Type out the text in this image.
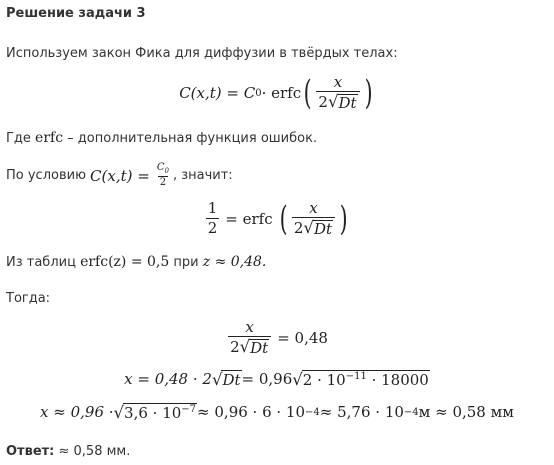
Решение задачи 3
Используем закон Фика для диффузии в твёрдых телах:
C(x,t) = C 0 · erfc ( $\frac{x}{2 √ Dt}$ )
Где erfc – дополнительная функция ошибок.
По условию $C(x,t) = \frac{C_0}{2}$ , значит:
$\frac{1}{2}$ = erfc ( $\frac{x}{2 √ Dt}$ )
Из таблиц erfc(z) = 0,5 при z ≈ 0,48.
Тогда:
$\frac{x}{2 √ Dt} = 0,48$
x = 0,48 · 2 √ Dt = 0,96 √ $2 \cdot 10^{-11} \cdot 18000$
x ≈ 0,96 · √ $3,6 \cdot 10^{-7} \approx 0,96 \cdot 6 \cdot 10 -4 \approx 5,76 \cdot 10 -4$ м ≈ 0,58 мм
Ответ: ≈ 0,58 мм.
